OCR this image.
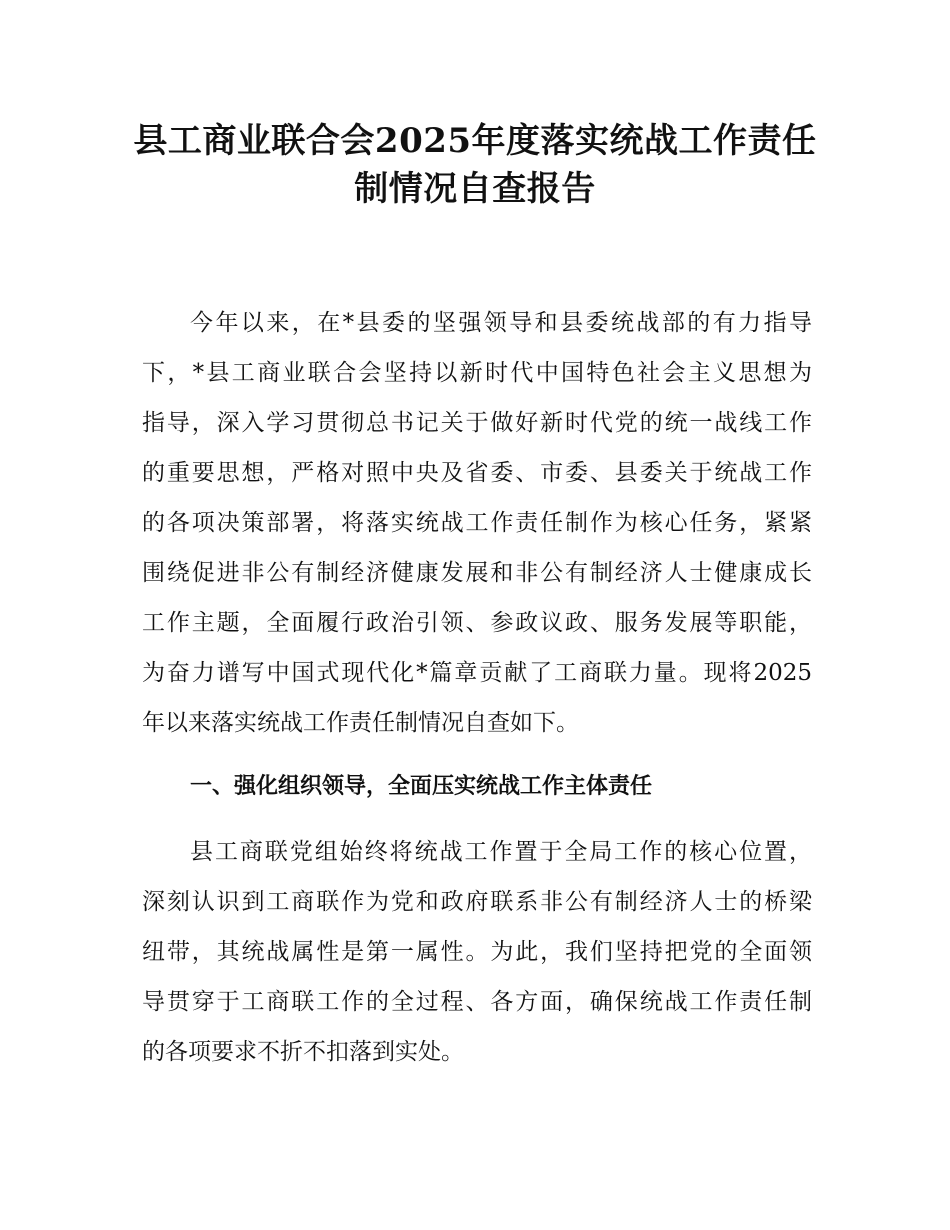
县工商业联合会2025年度落实统战工作责任
制情况自查报告

今年以来，在*县委的坚强领导和县委统战部的有力指导

下，*县工商业联合会坚持以新时代中国特色社会主义思想为

指导，深入学习贯彻总书记关于做好新时代党的统一战线工作

的重要思想，严格对照中央及省委、市委、县委关于统战工作

的各项决策部署，将落实统战工作责任制作为核心任务，紧紧

围绕促进非公有制经济健康发展和非公有制经济人士健康成长

工作主题，全面履行政治引领、参政议政、服务发展等职能，

为奋力谱写中国式现代化*篇章贡献了工商联力量。现将2025

年以来落实统战工作责任制情况自查如下。

一、强化组织领导，全面压实统战工作主体责任

县工商联党组始终将统战工作置于全局工作的核心位置，

深刻认识到工商联作为党和政府联系非公有制经济人士的桥梁

纽带，其统战属性是第一属性。为此，我们坚持把党的全面领

导贯穿于工商联工作的全过程、各方面，确保统战工作责任制

的各项要求不折不扣落到实处。
